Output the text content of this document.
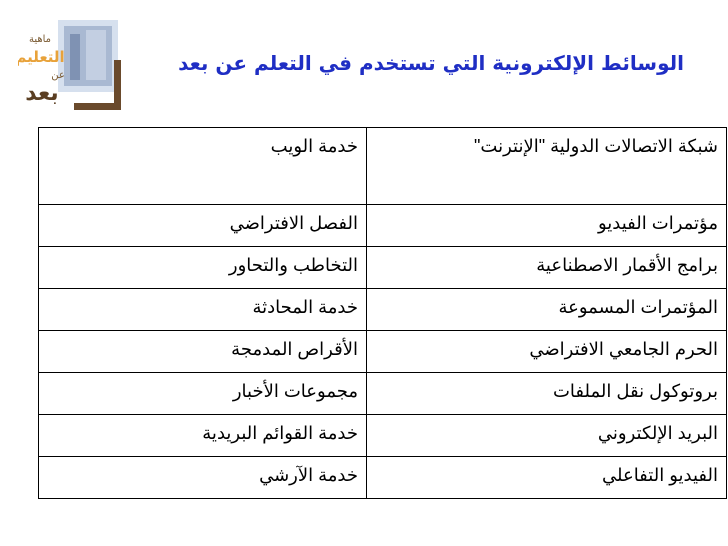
ماهية
التعليم
عن
بعد
الوسائط الإلكترونية التي تستخدم في التعلم عن بعد
شبكة الاتصالات الدولية "الإنترنت"	خدمة الويب
مؤتمرات الفيديو	الفصل الافتراضي
برامج الأقمار الاصطناعية	التخاطب والتحاور
المؤتمرات المسموعة	خدمة المحادثة
الحرم الجامعي الافتراضي	الأقراص المدمجة
بروتوكول نقل الملفات	مجموعات الأخبار
البريد الإلكتروني	خدمة القوائم البريدية
الفيديو التفاعلي	خدمة الآرشي
